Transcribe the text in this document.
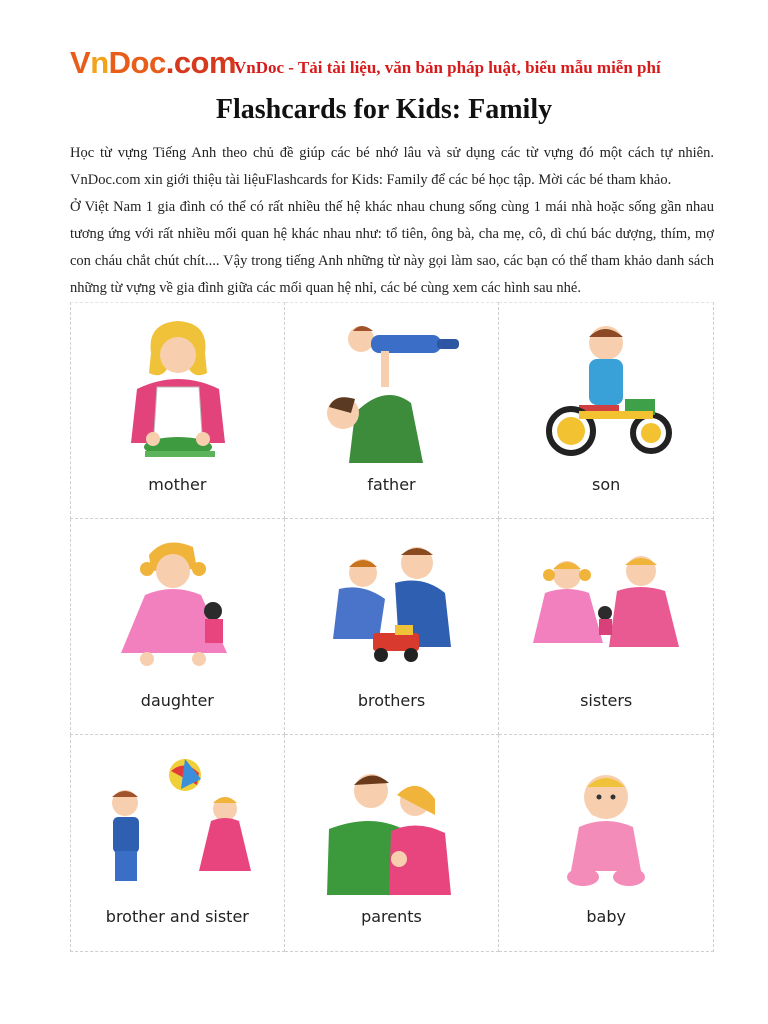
VnDoc.com
VnDoc - Tải tài liệu, văn bản pháp luật, biểu mẫu miễn phí
Flashcards for Kids: Family

Học từ vựng Tiếng Anh theo chủ đề giúp các bé nhớ lâu và sử dụng các từ vựng đó một cách tự nhiên. VnDoc.com xin giới thiệu tài liệuFlashcards for Kids: Family để các bé học tập. Mời các bé tham khảo.

Ở Việt Nam 1 gia đình có thể có rất nhiều thế hệ khác nhau chung sống cùng 1 mái nhà hoặc sống gần nhau tương ứng với rất nhiều mối quan hệ khác nhau như: tổ tiên, ông bà, cha mẹ, cô, dì chú bác dượng, thím, mợ con cháu chắt chút chít.... Vậy trong tiếng Anh những từ này gọi làm sao, các bạn có thể tham khảo danh sách những từ vựng về gia đình giữa các mối quan hệ nhỉ, các bé cùng xem các hình sau nhé.

mother	father	son
daughter	brothers	sisters
brother and sister	parents	baby
